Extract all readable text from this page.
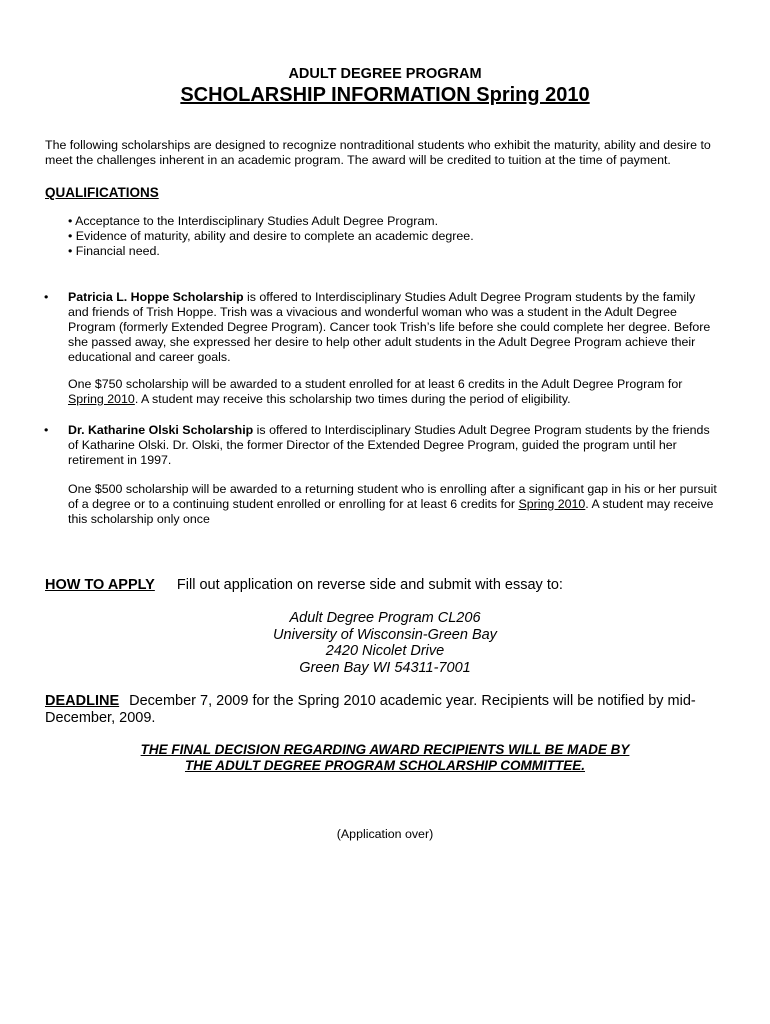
ADULT DEGREE PROGRAM
SCHOLARSHIP INFORMATION Spring 2010
The following scholarships are designed to recognize nontraditional students who exhibit the maturity, ability and desire to
meet the challenges inherent in an academic program. The award will be credited to tuition at the time of payment.
QUALIFICATIONS
• Acceptance to the Interdisciplinary Studies Adult Degree Program.
• Evidence of maturity, ability and desire to complete an academic degree.
• Financial need.
• Patricia L. Hoppe Scholarship is offered to Interdisciplinary Studies Adult Degree Program students by the family
and friends of Trish Hoppe. Trish was a vivacious and wonderful woman who was a student in the Adult Degree
Program (formerly Extended Degree Program). Cancer took Trish’s life before she could complete her degree. Before
she passed away, she expressed her desire to help other adult students in the Adult Degree Program achieve their
educational and career goals.
One $750 scholarship will be awarded to a student enrolled for at least 6 credits in the Adult Degree Program for
Spring 2010. A student may receive this scholarship two times during the period of eligibility.
• Dr. Katharine Olski Scholarship is offered to Interdisciplinary Studies Adult Degree Program students by the friends
of Katharine Olski. Dr. Olski, the former Director of the Extended Degree Program, guided the program until her
retirement in 1997.
One $500 scholarship will be awarded to a returning student who is enrolling after a significant gap in his or her pursuit
of a degree or to a continuing student enrolled or enrolling for at least 6 credits for Spring 2010. A student may receive
this scholarship only once
HOW TO APPLY Fill out application on reverse side and submit with essay to:
Adult Degree Program CL206
University of Wisconsin-Green Bay
2420 Nicolet Drive
Green Bay WI 54311-7001
DEADLINE December 7, 2009 for the Spring 2010 academic year. Recipients will be notified by mid-
December, 2009.
THE FINAL DECISION REGARDING AWARD RECIPIENTS WILL BE MADE BY
THE ADULT DEGREE PROGRAM SCHOLARSHIP COMMITTEE.
(Application over)
